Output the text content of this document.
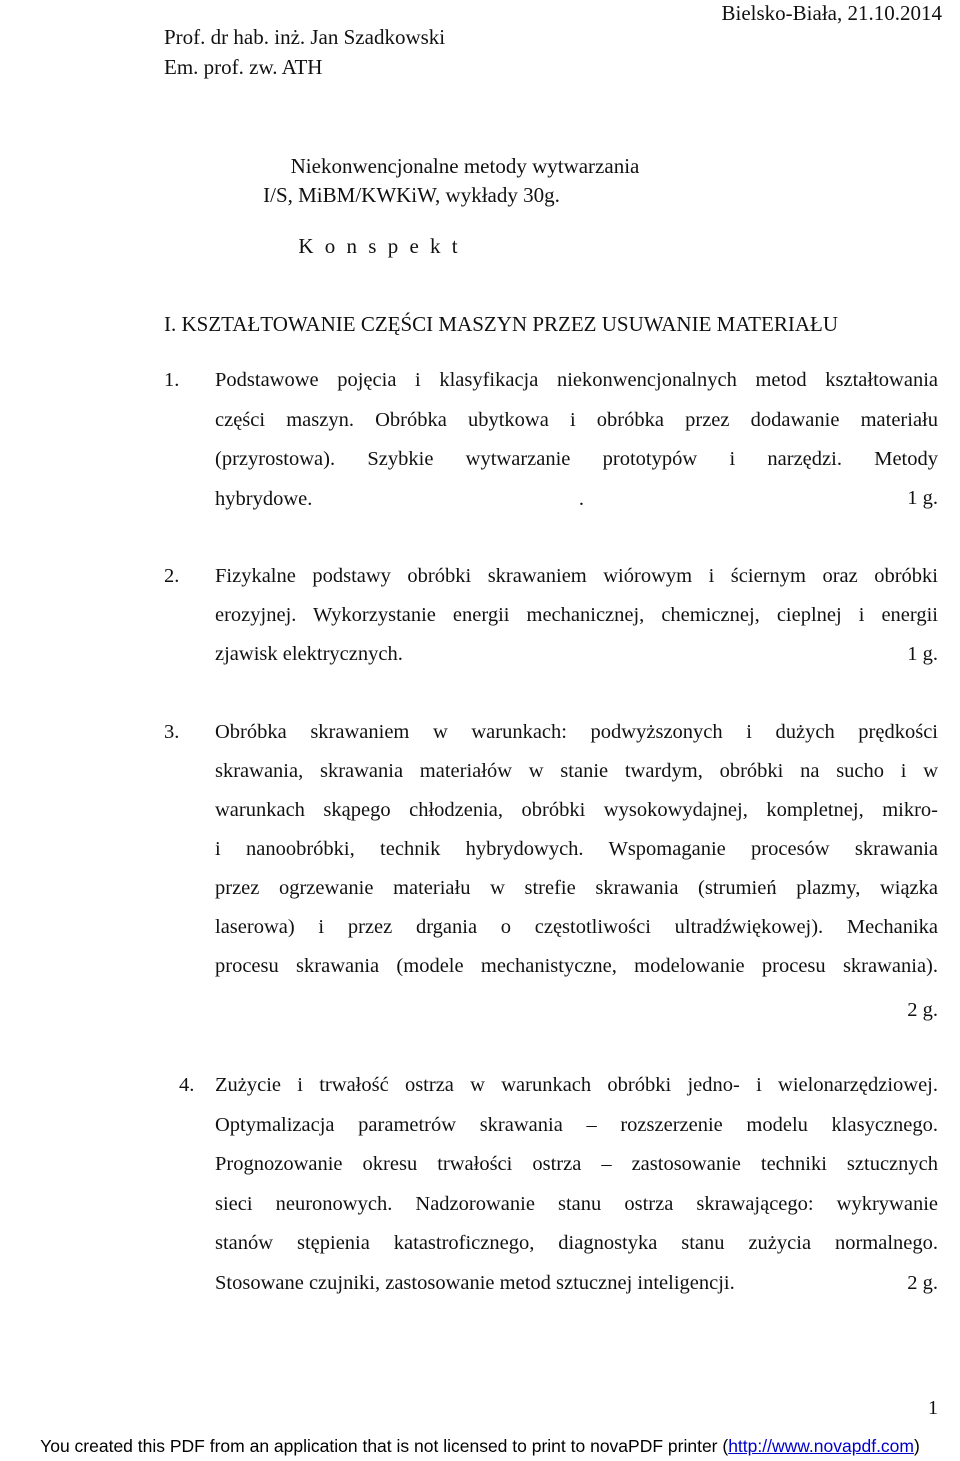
Prof. dr hab. inż. Jan Szadkowski
Em. prof. zw. ATH
Bielsko-Biała, 21.10.2014
Niekonwencjonalne metody wytwarzania
I/S, MiBM/KWKiW, wykłady 30g.
K o n s p e k t
I. KSZTAŁTOWANIE CZĘŚCI MASZYN PRZEZ USUWANIE MATERIAŁU
1.	Podstawowe pojęcia i klasyfikacja niekonwencjonalnych metod kształtowania
części maszyn. Obróbka ubytkowa i obróbka przez dodawanie materiału
(przyrostowa). Szybkie wytwarzanie prototypów i narzędzi. Metody
hybrydowe.                                                    .	1 g.
2.	Fizykalne podstawy obróbki skrawaniem wiórowym i ściernym oraz obróbki
erozyjnej. Wykorzystanie energii mechanicznej, chemicznej, cieplnej i energii
zjawisk elektrycznych.	1 g.
3.	Obróbka skrawaniem w warunkach: podwyższonych i dużych prędkości
skrawania, skrawania materiałów w stanie twardym, obróbki na sucho i w
warunkach skąpego chłodzenia, obróbki wysokowydajnej, kompletnej, mikro-
i nanoobróbki, technik hybrydowych. Wspomaganie procesów skrawania
przez ogrzewanie materiału w strefie skrawania (strumień plazmy, wiązka
laserowa) i przez drgania o częstotliwości ultradźwiękowej). Mechanika
procesu skrawania (modele mechanistyczne, modelowanie procesu skrawania).
2 g.
4.	Zużycie i trwałość ostrza w warunkach obróbki jedno- i wielonarzędziowej.
Optymalizacja parametrów skrawania – rozszerzenie modelu klasycznego.
Prognozowanie okresu trwałości ostrza – zastosowanie techniki sztucznych
sieci neuronowych. Nadzorowanie stanu ostrza skrawającego: wykrywanie
stanów stępienia katastroficznego, diagnostyka stanu zużycia normalnego.
Stosowane czujniki, zastosowanie metod sztucznej inteligencji.	2 g.
1
You created this PDF from an application that is not licensed to print to novaPDF printer (http://www.novapdf.com)
